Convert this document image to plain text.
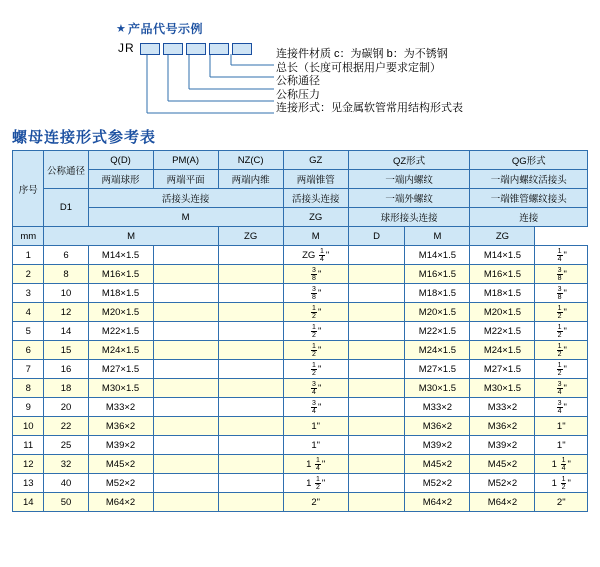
★ 产品代号示例
JR	连接件材质 c：为碳钢 b：为不锈钢
总长（长度可根据用户要求定制）
公称通径
公称压力
连接形式：见金属软管常用结构形式表
螺母连接形式参考表
序号	公称通径	Q(D)	PM(A)	NZ(C)	GZ	QZ形式		QG形式	
		两端球形	两端平面	两端内维	两端锥管	一端内螺纹		一端内螺纹活接头	
	D1	活接头连接			活接头连接	一端外螺纹		一端锥管螺纹接头	
		M			ZG	球形接头连接		连接	
mm	M			ZG	M	D	M	ZG	
1	6	M14×1.5			ZG $\frac{1}{4}$ "		M14×1.5	M14×1.5	$\frac{1}{4}$ "
2	8	M16×1.5			$\frac{3}{8}$ "		M16×1.5	M16×1.5	$\frac{3}{8}$ "
3	10	M18×1.5			$\frac{3}{8}$ "		M18×1.5	M18×1.5	$\frac{3}{8}$ "
4	12	M20×1.5			$\frac{1}{2}$ "		M20×1.5	M20×1.5	$\frac{1}{2}$ "
5	14	M22×1.5			$\frac{1}{2}$ "		M22×1.5	M22×1.5	$\frac{1}{2}$ "
6	15	M24×1.5			$\frac{1}{2}$ "		M24×1.5	M24×1.5	$\frac{1}{2}$ "
7	16	M27×1.5			$\frac{1}{2}$ "		M27×1.5	M27×1.5	$\frac{1}{2}$ "
8	18	M30×1.5			$\frac{3}{4}$ "		M30×1.5	M30×1.5	$\frac{3}{4}$ "
9	20	M33×2			$\frac{3}{4}$ "		M33×2	M33×2	$\frac{3}{4}$ "
10	22	M36×2			1"		M36×2	M36×2	1"
11	25	M39×2			1"		M39×2	M39×2	1"
12	32	M45×2			$1 \frac{1}{4}$ "		M45×2	M45×2	$1 \frac{1}{4}$ "
13	40	M52×2			$1 \frac{1}{2}$ "		M52×2	M52×2	$1 \frac{1}{2}$ "
14	50	M64×2			2"		M64×2	M64×2	2"
